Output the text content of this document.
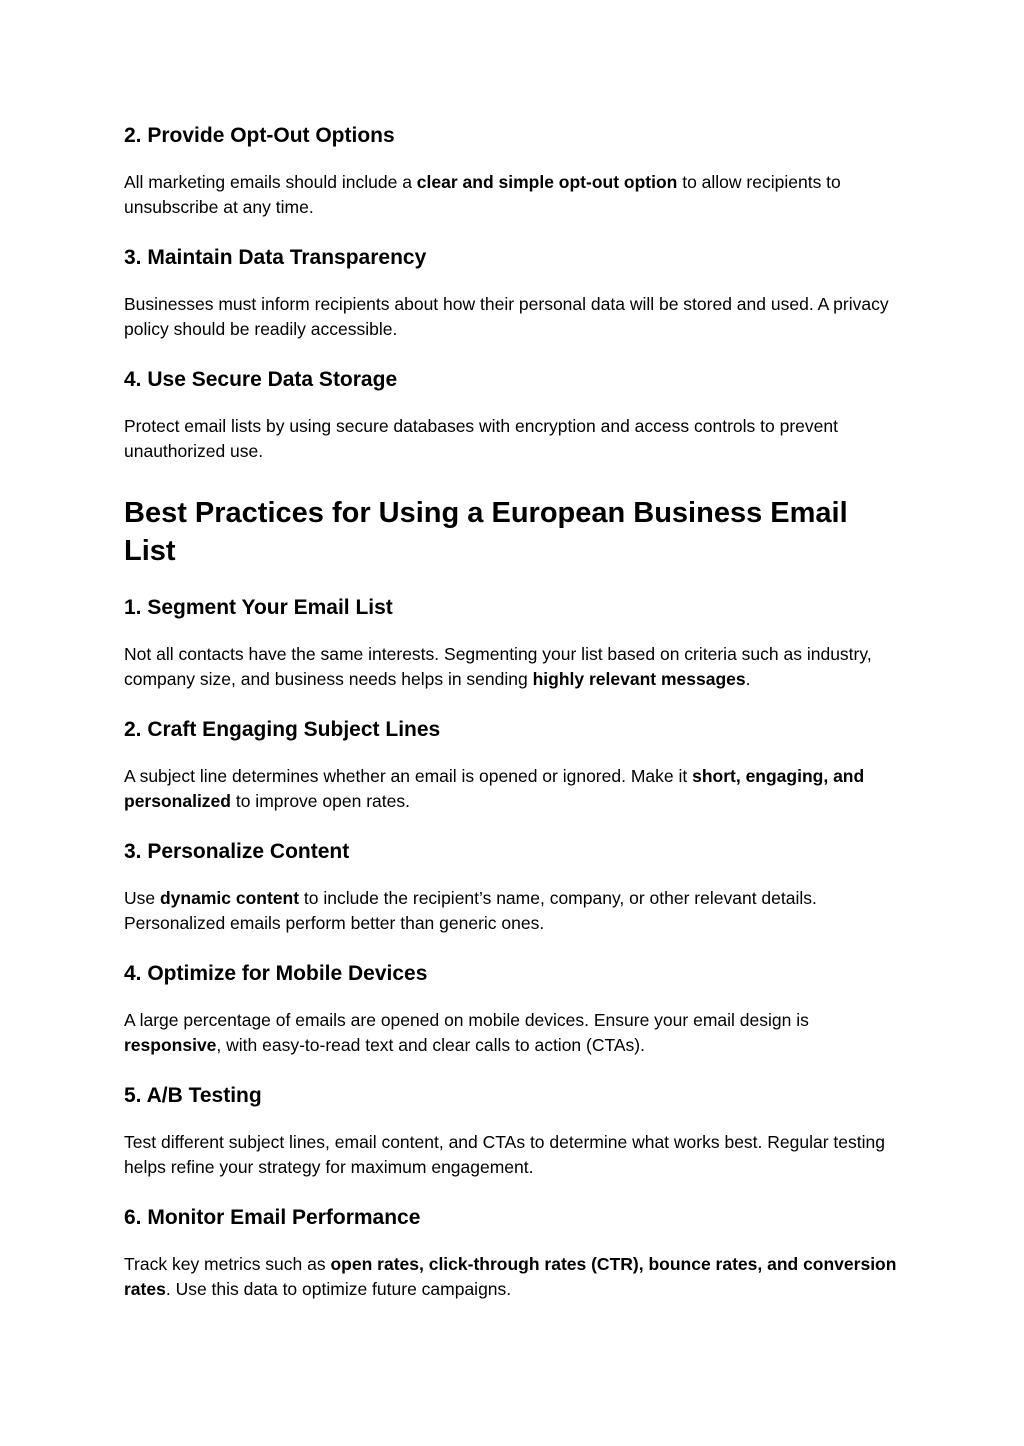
2. Provide Opt-Out Options

All marketing emails should include a clear and simple opt-out option to allow recipients to unsubscribe at any time.

3. Maintain Data Transparency

Businesses must inform recipients about how their personal data will be stored and used. A privacy policy should be readily accessible.

4. Use Secure Data Storage

Protect email lists by using secure databases with encryption and access controls to prevent unauthorized use.

Best Practices for Using a European Business Email List
1. Segment Your Email List

Not all contacts have the same interests. Segmenting your list based on criteria such as industry, company size, and business needs helps in sending highly relevant messages.

2. Craft Engaging Subject Lines

A subject line determines whether an email is opened or ignored. Make it short, engaging, and personalized to improve open rates.

3. Personalize Content

Use dynamic content to include the recipient’s name, company, or other relevant details. Personalized emails perform better than generic ones.

4. Optimize for Mobile Devices

A large percentage of emails are opened on mobile devices. Ensure your email design is responsive, with easy-to-read text and clear calls to action (CTAs).

5. A/B Testing

Test different subject lines, email content, and CTAs to determine what works best. Regular testing helps refine your strategy for maximum engagement.

6. Monitor Email Performance

Track key metrics such as open rates, click-through rates (CTR), bounce rates, and conversion rates. Use this data to optimize future campaigns.
